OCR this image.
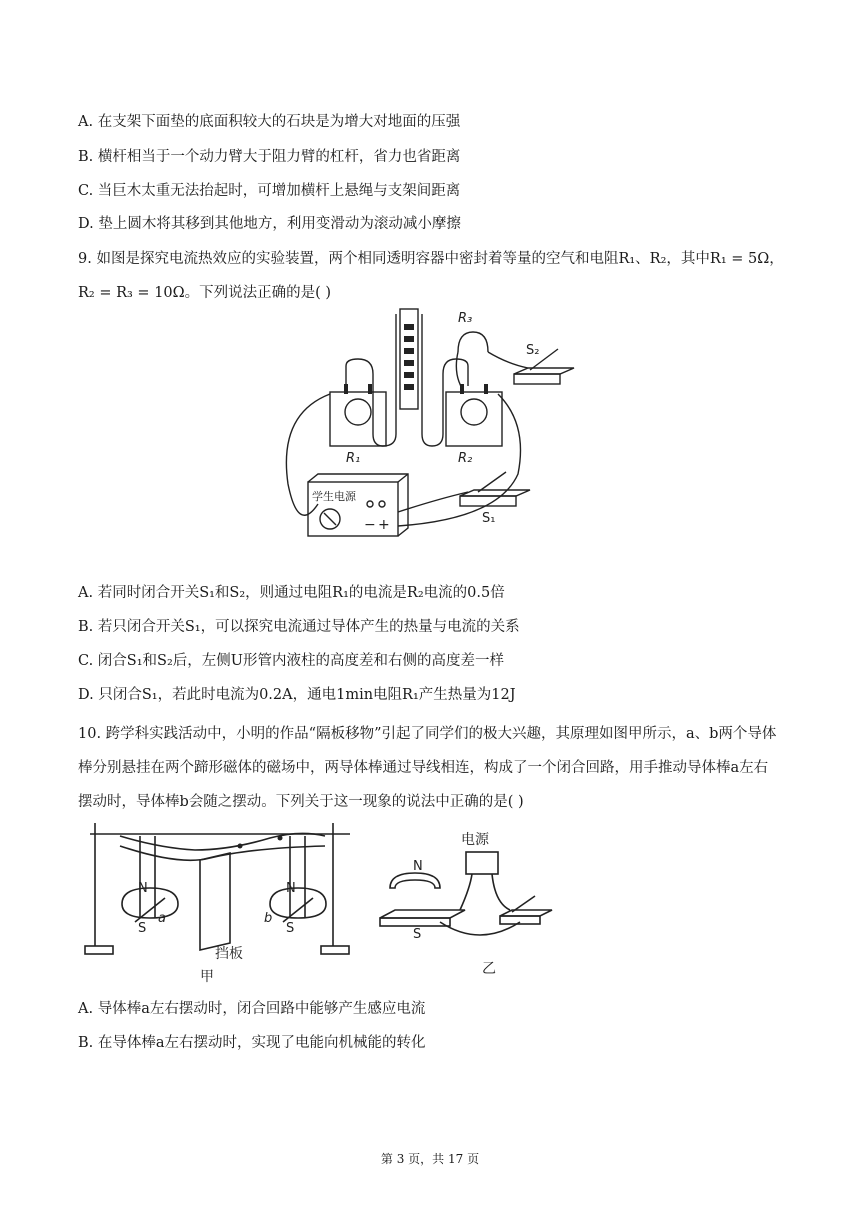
A. 在支架下面垫的底面积较大的石块是为增大对地面的压强
B. 横杆相当于一个动力臂大于阻力臂的杠杆，省力也省距离
C. 当巨木太重无法抬起时，可增加横杆上悬绳与支架间距离
D. 垫上圆木将其移到其他地方，利用变滑动为滚动减小摩擦
9. 如图是探究电流热效应的实验装置，两个相同透明容器中密封着等量的空气和电阻R₁、R₂，其中R₁ = 5Ω，
R₂ = R₃ = 10Ω。下列说法正确的是( )
学生电源
− +
R₃
S₂
R₁	R₂
S₁
A. 若同时闭合开关S₁和S₂，则通过电阻R₁的电流是R₂电流的0.5倍
B. 若只闭合开关S₁，可以探究电流通过导体产生的热量与电流的关系
C. 闭合S₁和S₂后，左侧U形管内液柱的高度差和右侧的高度差一样
D. 只闭合S₁，若此时电流为0.2A，通电1min电阻R₁产生热量为12J
10. 跨学科实践活动中，小明的作品“隔板移物”引起了同学们的极大兴趣，其原理如图甲所示，a、b两个导体棒分别悬挂在两个蹄形磁体的磁场中，两导体棒通过导线相连，构成了一个闭合回路，用手推动导体棒a左右摆动时，导体棒b会随之摆动。下列关于这一现象的说法中正确的是( )
N
S
a
N
S
b
挡板
甲
电源
N
S
乙
A. 导体棒a左右摆动时，闭合回路中能够产生感应电流
B. 在导体棒a左右摆动时，实现了电能向机械能的转化
第 3 页，共 17 页
